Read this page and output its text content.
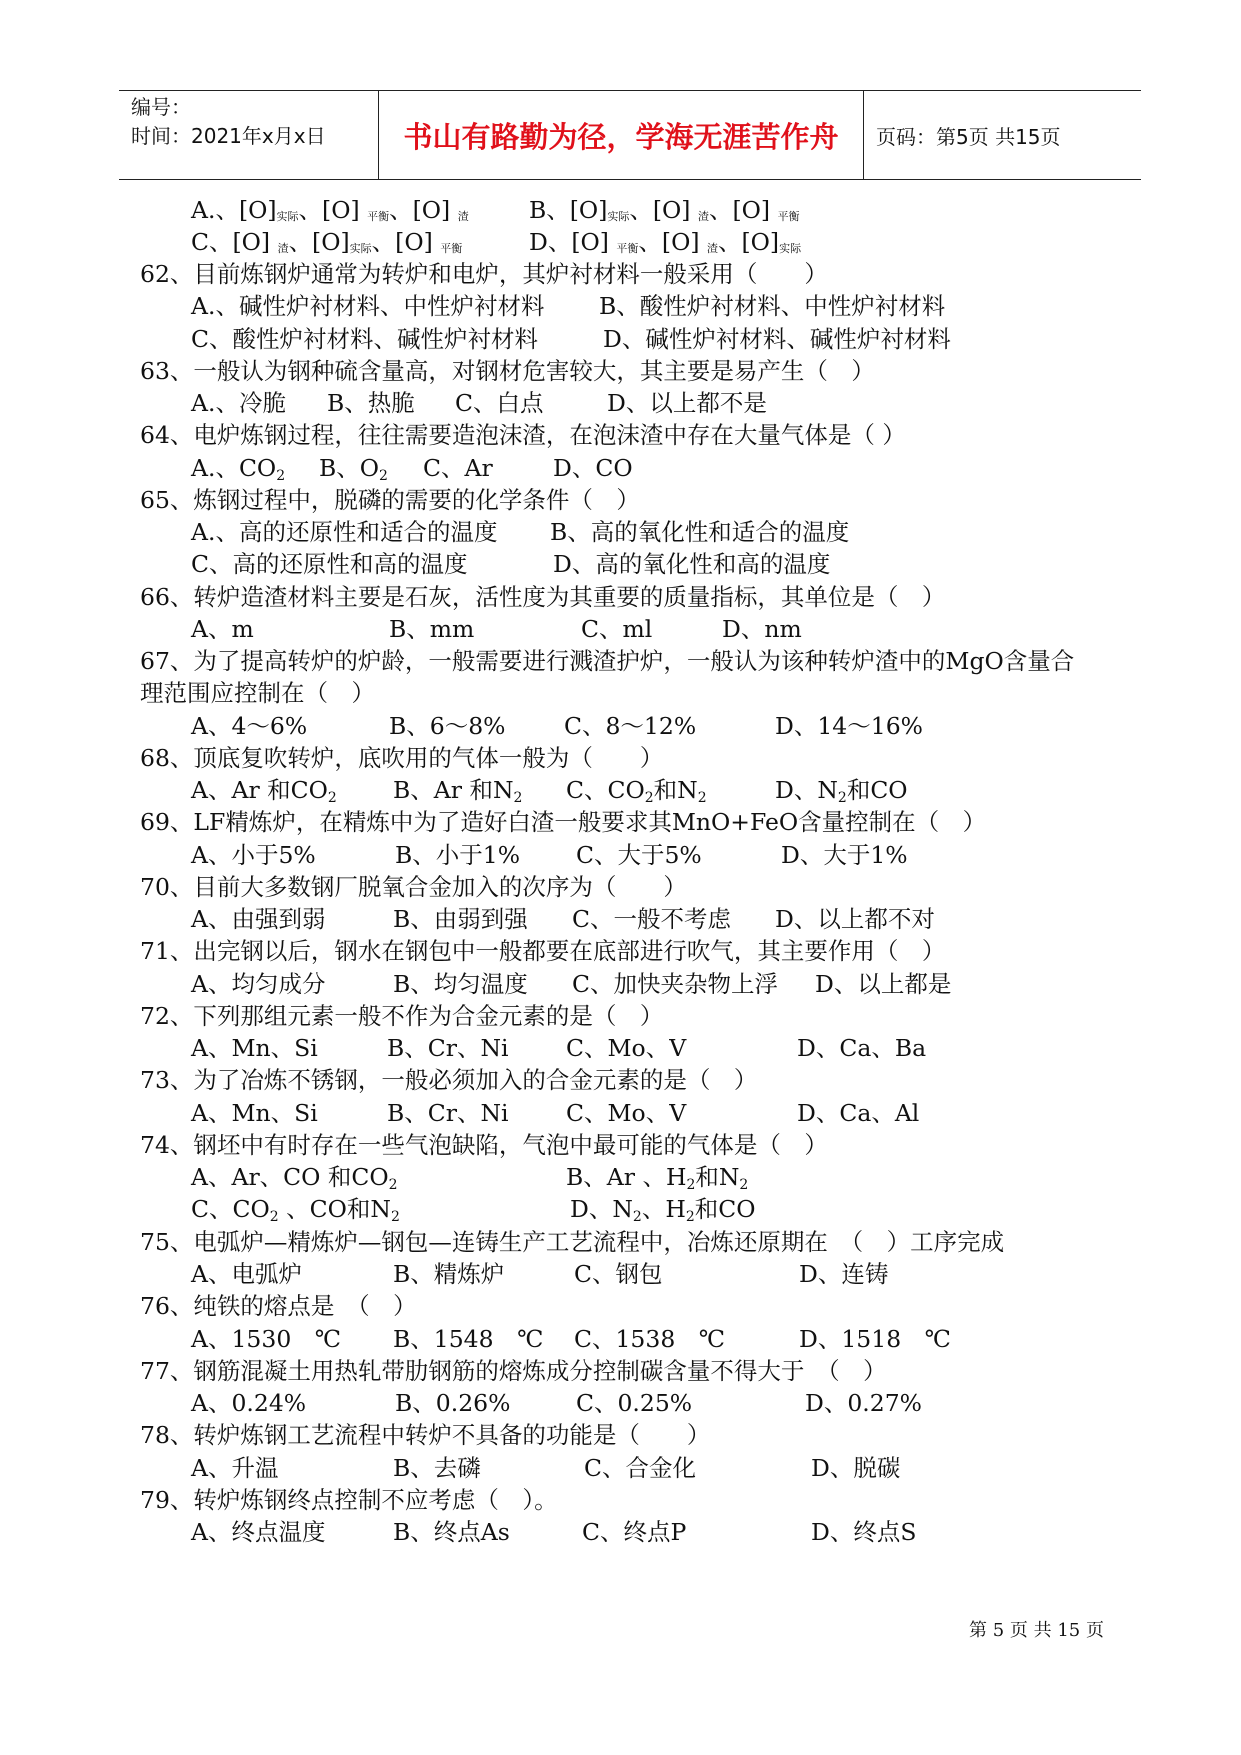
编号：
时间：2021年x月x日	书山有路勤为径，学海无涯苦作舟	页码：第5页 共15页
A.、[O]实际、[O] 平衡、[O] 渣	B、[O]实际、[O] 渣、[O] 平衡
C、[O] 渣、[O]实际、[O] 平衡	D、[O] 平衡、[O] 渣、[O]实际
62、目前炼钢炉通常为转炉和电炉，其炉衬材料一般采用（　　）
A.、碱性炉衬材料、中性炉衬材料 B、酸性炉衬材料、中性炉衬材料
C、酸性炉衬材料、碱性炉衬材料	D、碱性炉衬材料、碱性炉衬材料
63、一般认为钢种硫含量高，对钢材危害较大，其主要是易产生（　）
A.、冷脆 B、热脆 C、白点	D、以上都不是
64、电炉炼钢过程，往往需要造泡沫渣，在泡沫渣中存在大量气体是（ ）
A.、$CO_2$ B、$O_2$ C、Ar	D、CO
65、炼钢过程中，脱磷的需要的化学条件（　）
A.、高的还原性和适合的温度 B、高的氧化性和适合的温度
C、高的还原性和高的温度	D、高的氧化性和高的温度
66、转炉造渣材料主要是石灰，活性度为其重要的质量指标，其单位是（　）
A、m	B、mm	C、ml	D、nm
67、为了提高转炉的炉龄，一般需要进行溅渣护炉，一般认为该种转炉渣中的MgO含量合
理范围应控制在（　）
A、4～6%	B、6～8% C、8～12%	D、14～16%
68、顶底复吹转炉，底吹用的气体一般为（　　）
A、Ar 和$CO_2$ B、Ar 和$N_2$ C、$CO_2$和$N_2$	D、$N_2$和CO
69、LF精炼炉，在精炼中为了造好白渣一般要求其MnO+FeO含量控制在（　）
A、小于5%	B、小于1% C、大于5%	D、大于1%
70、目前大多数钢厂脱氧合金加入的次序为（　　）
A、由强到弱	B、由弱到强 C、一般不考虑 D、以上都不对
71、出完钢以后，钢水在钢包中一般都要在底部进行吹气，其主要作用（　）
A、均匀成分	B、均匀温度 C、加快夹杂物上浮 D、以上都是
72、下列那组元素一般不作为合金元素的是（　）
A、Mn、Si	B、Cr、Ni C、Mo、V	D、Ca、Ba
73、为了冶炼不锈钢，一般必须加入的合金元素的是（　）
A、Mn、Si	B、Cr、Ni C、Mo、V	D、Ca、Al
74、钢坯中有时存在一些气泡缺陷，气泡中最可能的气体是（　）
A、Ar、CO 和$CO_2$	B、Ar 、$H_2$和$N_2$
C、$CO_2$ 、CO和$N_2$	D、$N_2$、$H_2$和CO
75、电弧炉—精炼炉—钢包—连铸生产工艺流程中，冶炼还原期在　（　）工序完成
A、电弧炉	B、精炼炉	C、钢包	D、连铸
76、纯铁的熔点是　（　）
A、1530　℃ B、1548　℃ C、1538　℃	D、1518　℃
77、钢筋混凝土用热轧带肋钢筋的熔炼成分控制碳含量不得大于　（　）
A、0.24%	B、0.26%	C、0.25%	D、0.27%
78、转炉炼钢工艺流程中转炉不具备的功能是（　　）
A、升温	B、去磷	C、合金化	D、脱碳
79、转炉炼钢终点控制不应考虑（　）。
A、终点温度	B、终点As	C、终点P	D、终点S
第 5 页 共 15 页
